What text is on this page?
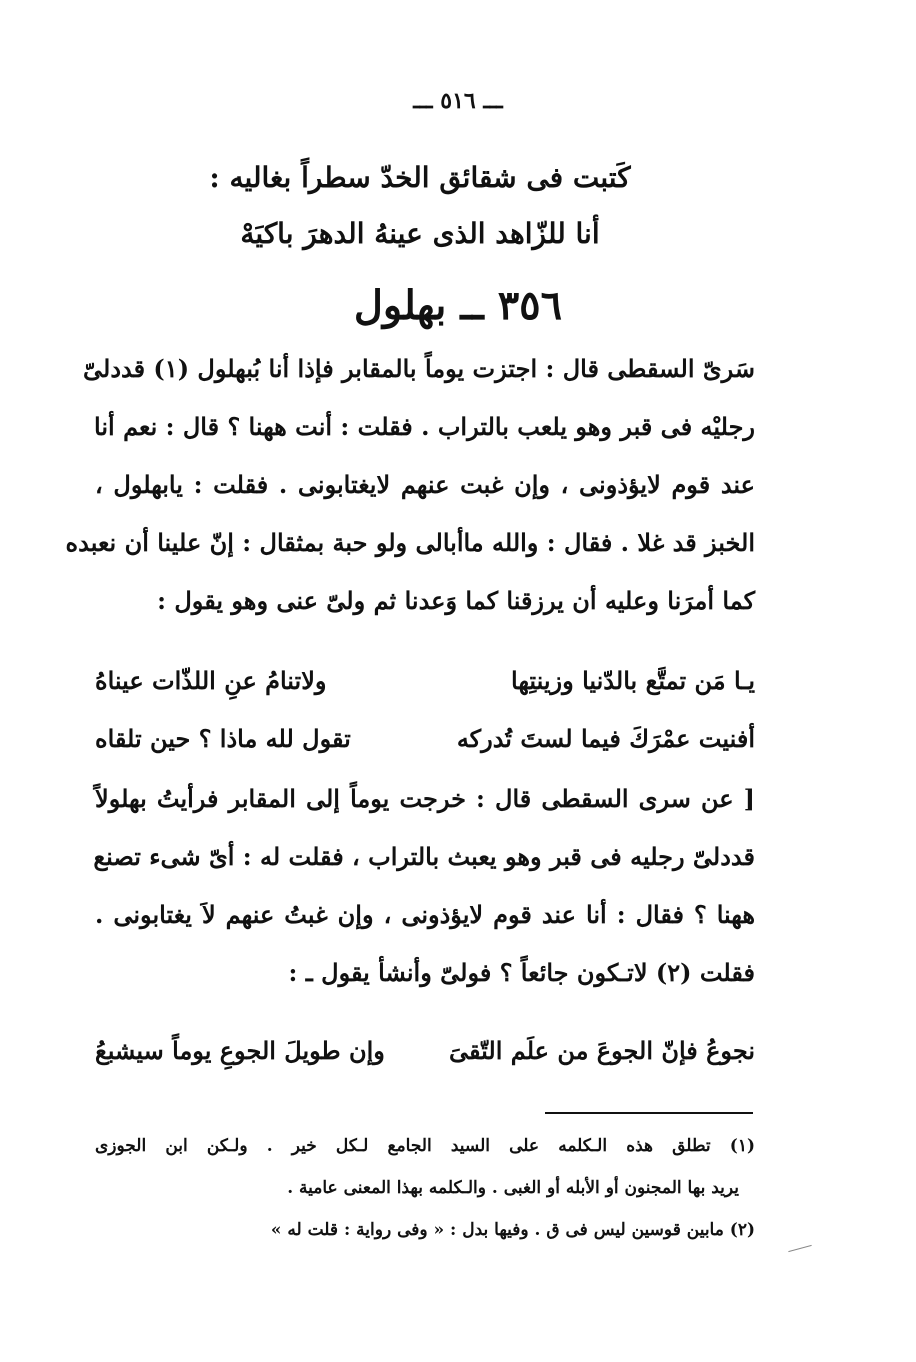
ـــ ٥١٦ ـــ
كَتبت فى شقائق الخدّ سطراً بغاليه :
أنا للزّاهد الذى عينهُ الدهرَ باكيَهْ
٣٥٦ ــ بهلول
سَرىّ السقطى قال : اجتزت يوماً بالمقابر فإذا أنا بُبهلول (١) قددلىّ
رجليْه فى قبر وهو يلعب بالتراب . فقلت : أنت ههنا ؟ قال : نعم أنا
عند قوم لايؤذونى ، وإن غبت عنهم لايغتابونى . فقلت : يابهلول ،
الخبز قد غلا . فقال : والله ماأبالى ولو حبة بمثقال : إنّ علينا أن نعبده
كما أمرَنا وعليه أن يرزقنا كما وَعدنا ثم ولىّ عنى وهو يقول :
يـا مَن تمتَّع بالدّنيا وزينتِها
ولاتنامُ عنِ اللذّات عيناهُ
أفنيت عمْرَكَ فيما لستَ تُدركه
تقول لله ماذا ؟ حين تلقاه
[ عن سرى السقطى قال : خرجت يوماً إلى المقابر فرأيتُ بهلولاً
قددلىّ رجليه فى قبر وهو يعبث بالتراب ، فقلت له : أىّ شىء تصنع
ههنا ؟ فقال : أنا عند قوم لايؤذونى ، وإن غبتُ عنهم لاَ يغتابونى .
فقلت (٢) لاتـكون جائعاً ؟ فولىّ وأنشأ يقول ـ :
نجوعُ فإنّ الجوعَ من علَم التّقىَ
وإن طويلَ الجوعِ يوماً سيشبعُ
(١) تطلق هذه الـكلمه على السيد الجامع لـكل خير . ولـكن ابن الجوزى
يريد بها المجنون أو الأبله أو الغبى . والـكلمه بهذا المعنى عامية .
(٢) مابين قوسين ليس فى ق . وفيها بدل : « وفى رواية : قلت له »
